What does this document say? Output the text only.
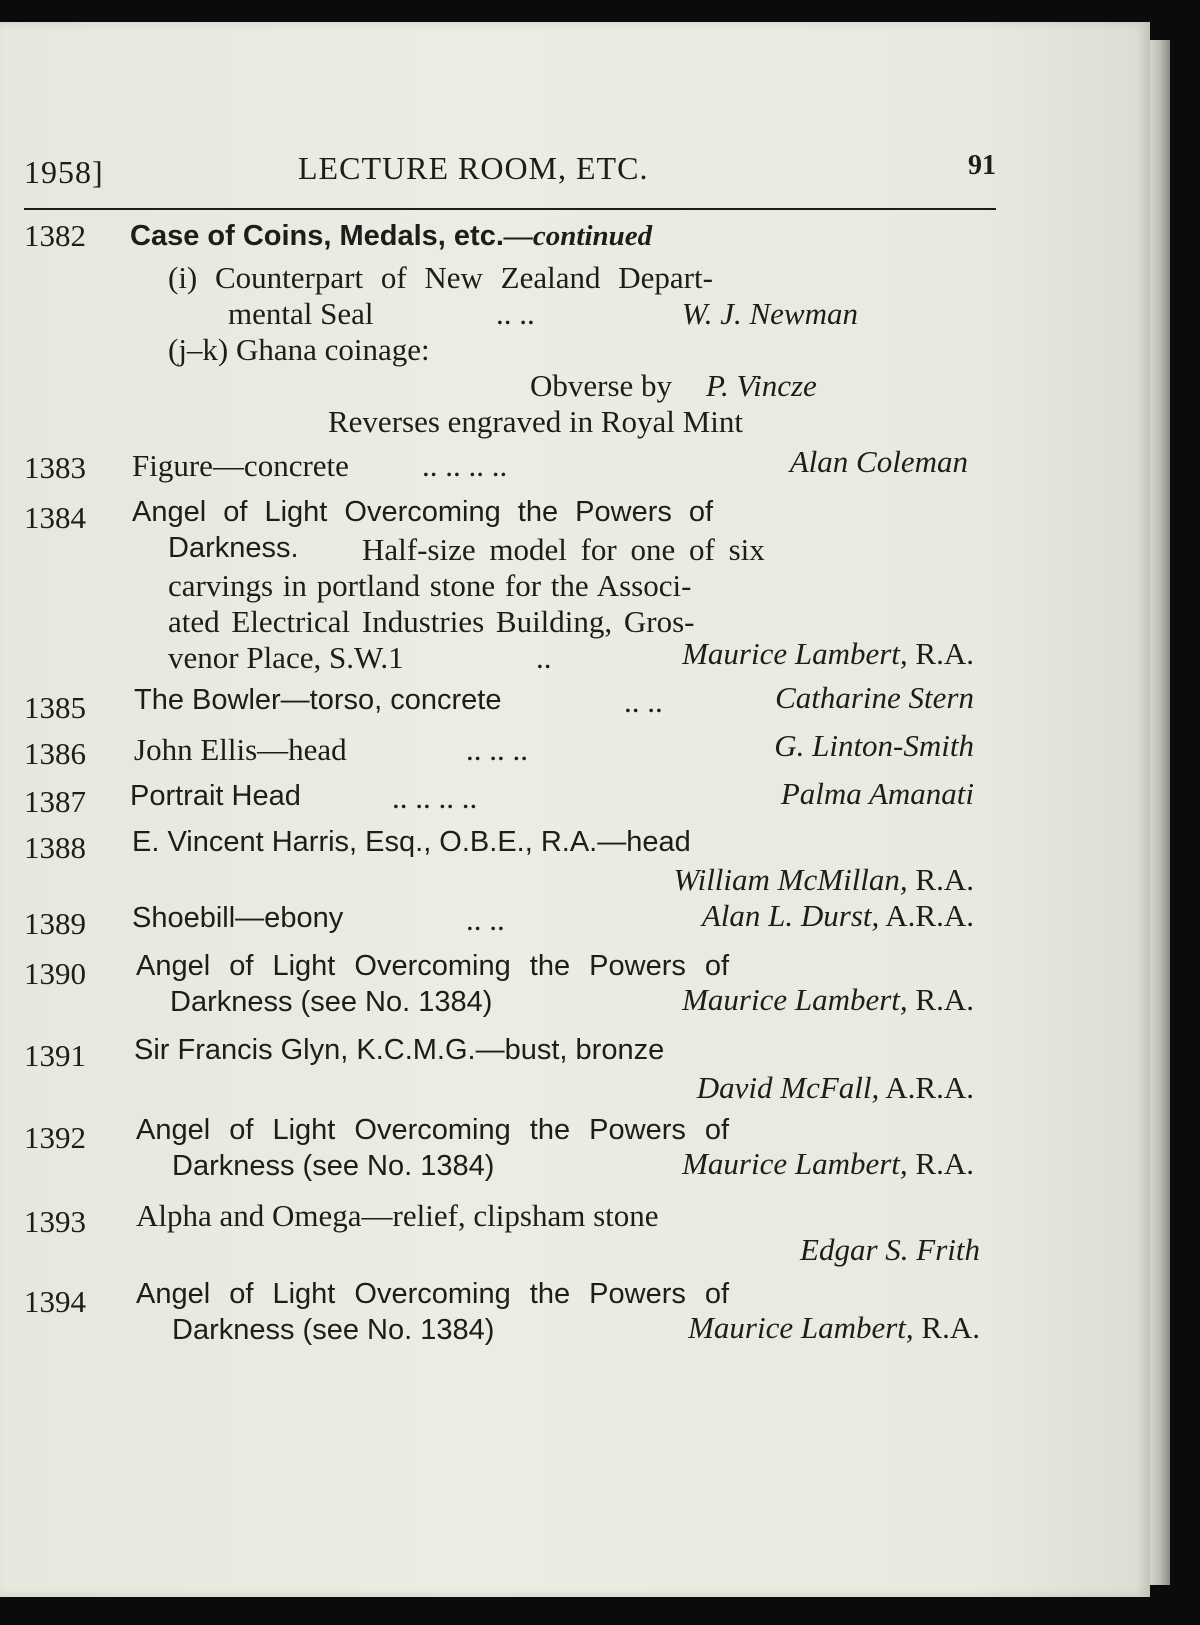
1958]	LECTURE ROOM, ETC.	91
1382 Case of Coins, Medals, etc.—continued
(i) Counterpart of New Zealand Depart-
mental Seal	.. ..	W. J. Newman
(j–k) Ghana coinage:
Obverse by P. Vincze
Reverses engraved in Royal Mint
1383 Figure—concrete .. .. .. ..	Alan Coleman
1384 Angel of Light Overcoming the Powers of
Darkness. Half-size model for one of six
carvings in portland stone for the Associ-
ated Electrical Industries Building, Gros-
venor Place, S.W.1	..	Maurice Lambert, R.A.
1385 The Bowler—torso, concrete	.. ..	Catharine Stern
1386 John Ellis—head	.. .. ..	G. Linton-Smith
1387 Portrait Head	.. .. .. ..	Palma Amanati
1388 E. Vincent Harris, Esq., O.B.E., R.A.—head
William McMillan, R.A.
1389 Shoebill—ebony	.. ..	Alan L. Durst, A.R.A.
1390 Angel of Light Overcoming the Powers of
Darkness (see No. 1384)	Maurice Lambert, R.A.
1391 Sir Francis Glyn, K.C.M.G.—bust, bronze
David McFall, A.R.A.
1392 Angel of Light Overcoming the Powers of
Darkness (see No. 1384)	Maurice Lambert, R.A.
1393 Alpha and Omega—relief, clipsham stone
Edgar S. Frith
1394 Angel of Light Overcoming the Powers of
Darkness (see No. 1384)	Maurice Lambert, R.A.
